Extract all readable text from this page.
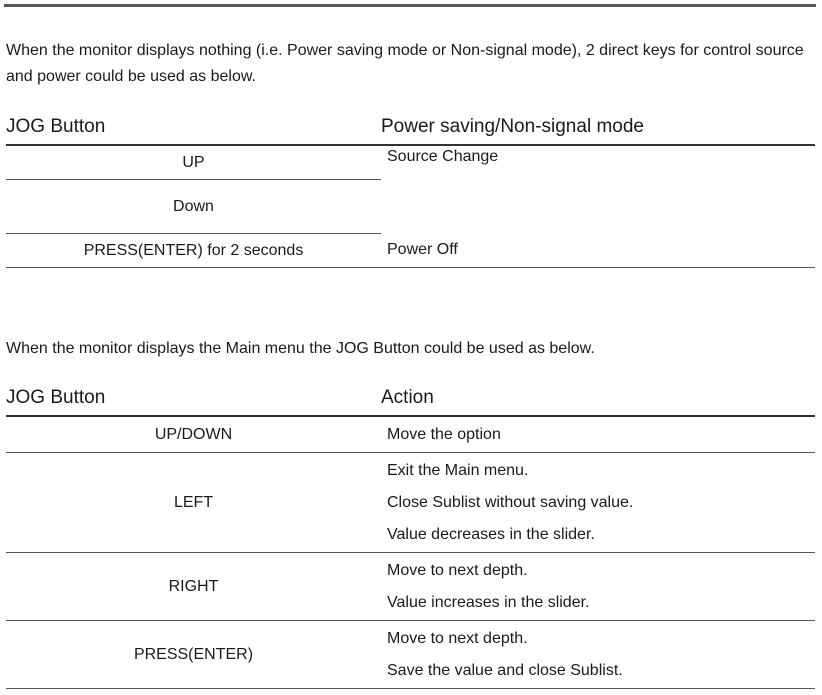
When the monitor displays nothing (i.e. Power saving mode or Non-signal mode), 2 direct keys for control source and power could be used as below.

JOG Button	Power saving/Non-signal mode
UP	Source Change
Down	
PRESS(ENTER) for 2 seconds	Power Off

When the monitor displays the Main menu the JOG Button could be used as below.

JOG Button	Action
UP/DOWN	Move the option

LEFT	Exit the Main menu.
Close Sublist without saving value.
Value decreases in the slider.

RIGHT	Move to next depth.
Value increases in the slider.

PRESS(ENTER)	Move to next depth.
Save the value and close Sublist.
